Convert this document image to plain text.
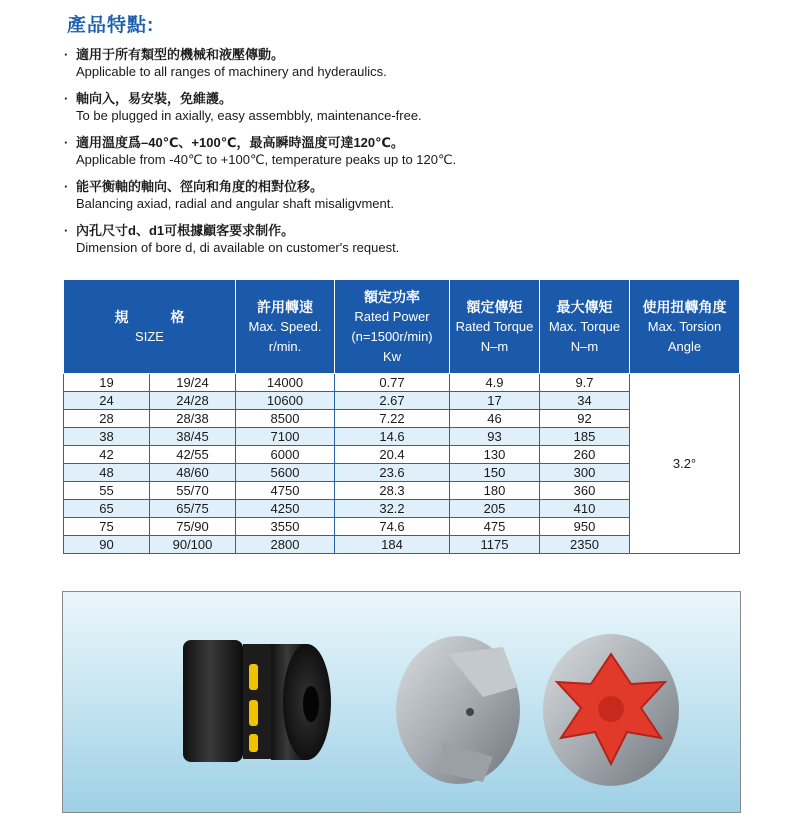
產品特點:
· 適用于所有類型的機械和液壓傳動。
Applicable to all ranges of machinery and hyderaulics.
· 軸向入，易安裝，免維護。
To be plugged in axially, easy assembbly, maintenance-free.
· 適用溫度爲–40℃、+100℃，最高瞬時溫度可達120℃。
Applicable from -40℃ to +100℃, temperature peaks up to 120℃.
· 能平衡軸的軸向、徑向和角度的相對位移。
Balancing axiad, radial and angular shaft misaligvment.
· 內孔尺寸d、d1可根據顧客要求制作。
Dimension of bore d, di available on customer's request.
規　　　格
SIZE		許用轉速
Max. Speed.
r/min.	額定功率
Rated Power
(n=1500r/min)
Kw	額定傳矩
Rated Torque
N–m	最大傳矩
Max. Torque
N–m	使用扭轉角度
Max. Torsion
Angle

19	19/24	14000	0.77	4.9	9.7	3.2°
24	24/28	10600	2.67	17	34	
28	28/38	8500	7.22	46	92	
38	38/45	7100	14.6	93	185	
42	42/55	6000	20.4	130	260	
48	48/60	5600	23.6	150	300	
55	55/70	4750	28.3	180	360	
65	65/75	4250	32.2	205	410	
75	75/90	3550	74.6	475	950	
90	90/100	2800	184	1175	2350	
